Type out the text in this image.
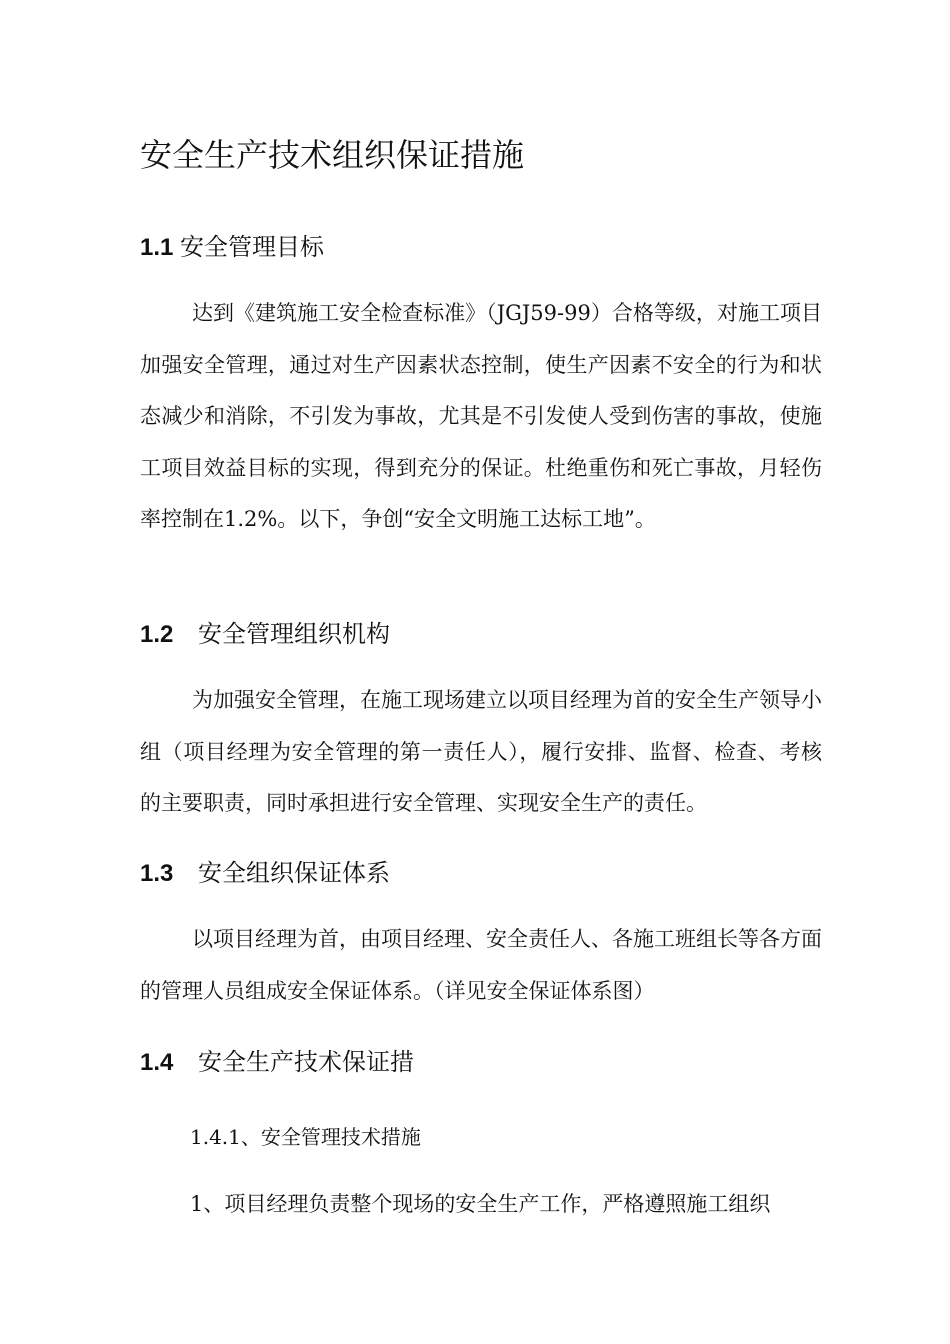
安全生产技术组织保证措施
1.1 安全管理目标

达到《建筑施工安全检查标准》（JGJ59-99）合格等级，对施工项目加强安全管理，通过对生产因素状态控制，使生产因素不安全的行为和状态减少和消除，不引发为事故，尤其是不引发使人受到伤害的事故，使施工项目效益目标的实现，得到充分的保证。杜绝重伤和死亡事故，月轻伤率控制在1.2%。以下，争创“安全文明施工达标工地”。

1.2 安全管理组织机构

为加强安全管理，在施工现场建立以项目经理为首的安全生产领导小组（项目经理为安全管理的第一责任人），履行安排、监督、检查、考核的主要职责，同时承担进行安全管理、实现安全生产的责任。

1.3 安全组织保证体系

以项目经理为首，由项目经理、安全责任人、各施工班组长等各方面的管理人员组成安全保证体系。（详见安全保证体系图）

1.4 安全生产技术保证措

1.4.1、安全管理技术措施

1、项目经理负责整个现场的安全生产工作，严格遵照施工组织
